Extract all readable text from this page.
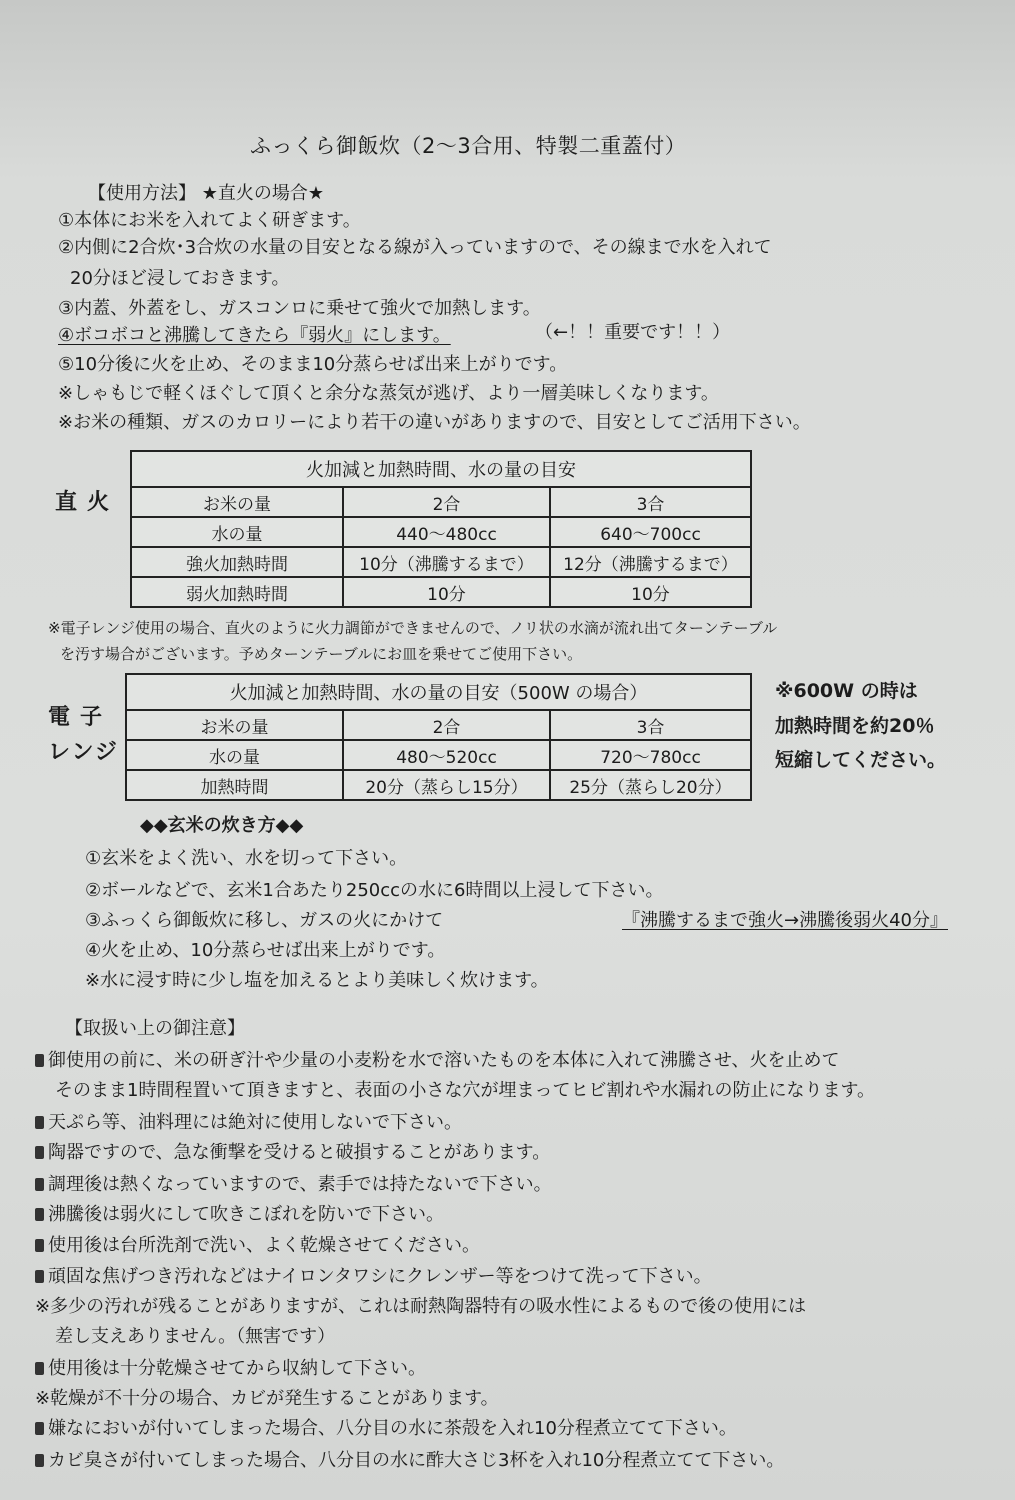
ふっくら御飯炊（2～3合用、特製二重蓋付）
【使用方法】 ★直火の場合★
①本体にお米を入れてよく研ぎます。
②内側に2合炊･3合炊の水量の目安となる線が入っていますので、その線まで水を入れて
20分ほど浸しておきます。
③内蓋、外蓋をし、ガスコンロに乗せて強火で加熱します。
④ボコボコと沸騰してきたら『弱火』にします。	（←！！重要です！！）
⑤10分後に火を止め、そのまま10分蒸らせば出来上がりです。
※しゃもじで軽くほぐして頂くと余分な蒸気が逃げ、より一層美味しくなります。
※お米の種類、ガスのカロリーにより若干の違いがありますので、目安としてご活用下さい。
直火
火加減と加熱時間、水の量の目安		
お米の量	2合	3合
水の量	440～480cc	640～700cc
強火加熱時間	10分（沸騰するまで）	12分（沸騰するまで）
弱火加熱時間	10分	10分
※電子レンジ使用の場合、直火のように火力調節ができませんので、ノリ状の水滴が流れ出てターンテーブル
を汚す場合がございます。予めターンテーブルにお皿を乗せてご使用下さい。
電子
レンジ
火加減と加熱時間、水の量の目安（500W の場合）		
お米の量	2合	3合
水の量	480～520cc	720～780cc
加熱時間	20分（蒸らし15分）	25分（蒸らし20分）
※600W の時は
加熱時間を約20％
短縮してください。
◆◆玄米の炊き方◆◆
①玄米をよく洗い、水を切って下さい。
②ボールなどで、玄米1合あたり250ccの水に6時間以上浸して下さい。
③ふっくら御飯炊に移し、ガスの火にかけて	『沸騰するまで強火→沸騰後弱火40分』
④火を止め、10分蒸らせば出来上がりです。
※水に浸す時に少し塩を加えるとより美味しく炊けます。
【取扱い上の御注意】
御使用の前に、米の研ぎ汁や少量の小麦粉を水で溶いたものを本体に入れて沸騰させ、火を止めて
そのまま1時間程置いて頂きますと、表面の小さな穴が埋まってヒビ割れや水漏れの防止になります。
天ぷら等、油料理には絶対に使用しないで下さい。
陶器ですので、急な衝撃を受けると破損することがあります。
調理後は熱くなっていますので、素手では持たないで下さい。
沸騰後は弱火にして吹きこぼれを防いで下さい。
使用後は台所洗剤で洗い、よく乾燥させてください。
頑固な焦げつき汚れなどはナイロンタワシにクレンザー等をつけて洗って下さい。
※多少の汚れが残ることがありますが、これは耐熱陶器特有の吸水性によるもので後の使用には
差し支えありません。（無害です）
使用後は十分乾燥させてから収納して下さい。
※乾燥が不十分の場合、カビが発生することがあります。
嫌なにおいが付いてしまった場合、八分目の水に茶殻を入れ10分程煮立てて下さい。
カビ臭さが付いてしまった場合、八分目の水に酢大さじ3杯を入れ10分程煮立てて下さい。
